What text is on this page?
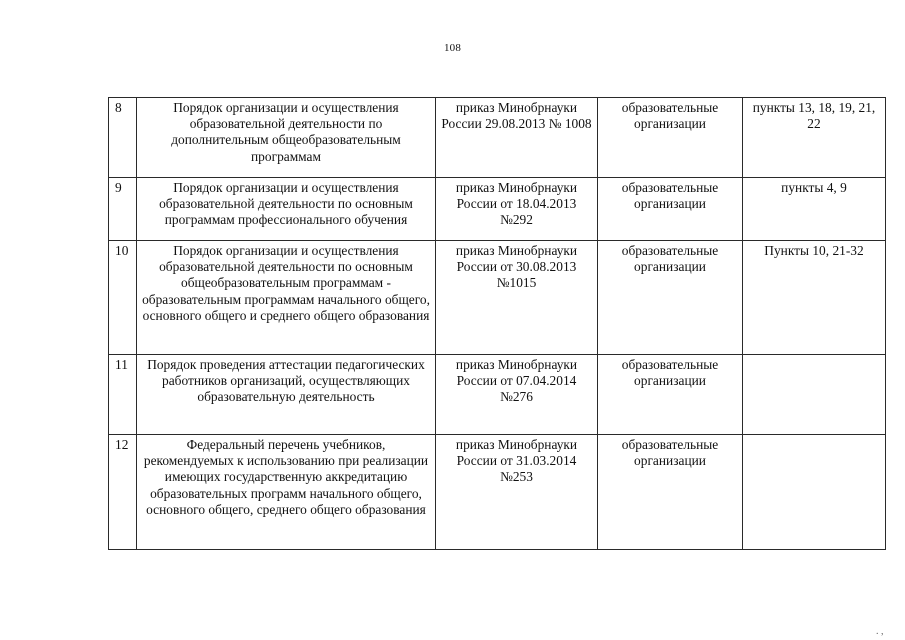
108
8	Порядок организации и осуществления образовательной деятельности по дополнительным общеобразовательным программам	приказ Минобрнауки России 29.08.2013 № 1008	образовательные организации	пункты 13, 18, 19, 21, 22
9	Порядок организации и осуществления образовательной деятельности по основным программам профессионального обучения	приказ Минобрнауки России от 18.04.2013 №292	образовательные организации	пункты 4, 9
10	Порядок организации и осуществления образовательной деятельности по основным общеобразовательным программам - образовательным программам начального общего, основного общего и среднего общего образования	приказ Минобрнауки России от 30.08.2013 №1015	образовательные организации	Пункты 10, 21-32
11	Порядок проведения аттестации педагогических работников организаций, осуществляющих образовательную деятельность	приказ Минобрнауки России от 07.04.2014 №276	образовательные организации	
12	Федеральный перечень учебников, рекомендуемых к использованию при реализации имеющих государственную аккредитацию образовательных программ начального общего, основного общего, среднего общего образования	приказ Минобрнауки России от 31.03.2014 №253	образовательные организации	
. ,
